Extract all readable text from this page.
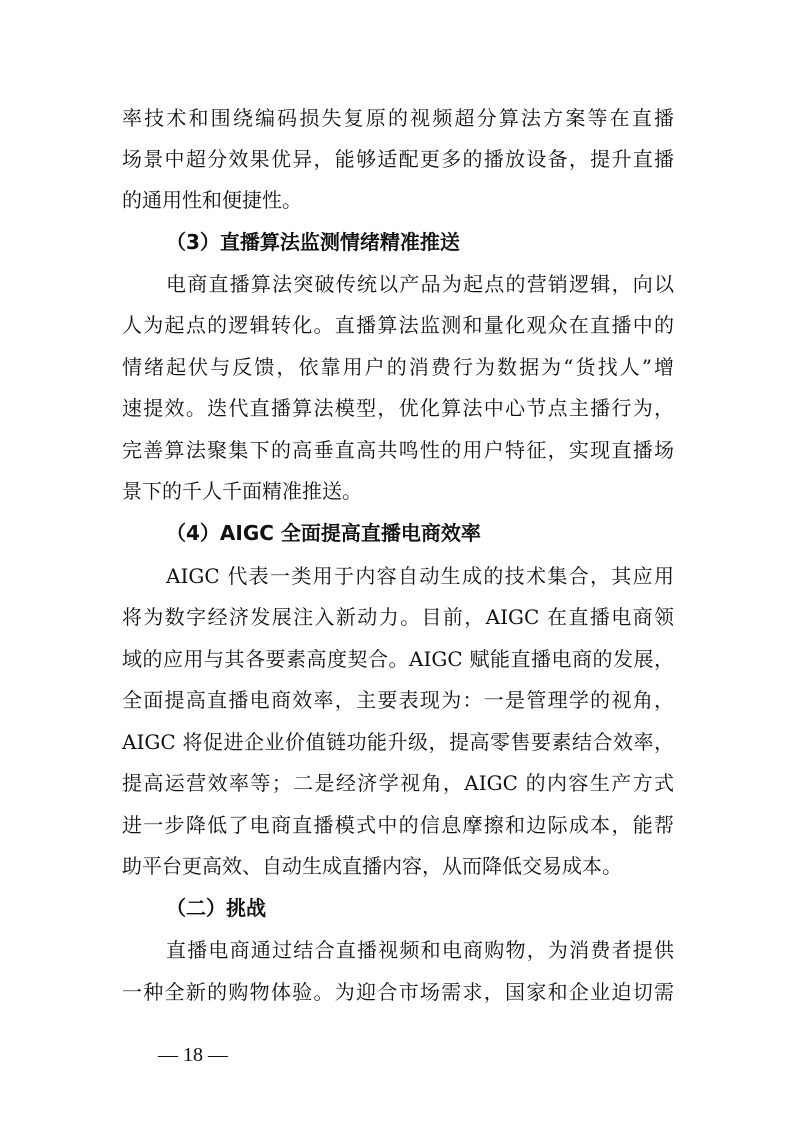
率技术和围绕编码损失复原的视频超分算法方案等在直播
场景中超分效果优异，能够适配更多的播放设备，提升直播
的通用性和便捷性。
（3）直播算法监测情绪精准推送
电商直播算法突破传统以产品为起点的营销逻辑，向以
人为起点的逻辑转化。直播算法监测和量化观众在直播中的
情绪起伏与反馈，依靠用户的消费行为数据为“货找人”增
速提效。迭代直播算法模型，优化算法中心节点主播行为，
完善算法聚集下的高垂直高共鸣性的用户特征，实现直播场
景下的千人千面精准推送。
（4）AIGC 全面提高直播电商效率
AIGC 代表一类用于内容自动生成的技术集合，其应用
将为数字经济发展注入新动力。目前，AIGC 在直播电商领
域的应用与其各要素高度契合。AIGC 赋能直播电商的发展，
全面提高直播电商效率，主要表现为：一是管理学的视角，
AIGC 将促进企业价值链功能升级，提高零售要素结合效率，
提高运营效率等；二是经济学视角，AIGC 的内容生产方式
进一步降低了电商直播模式中的信息摩擦和边际成本，能帮
助平台更高效、自动生成直播内容，从而降低交易成本。
（二）挑战
直播电商通过结合直播视频和电商购物，为消费者提供
一种全新的购物体验。为迎合市场需求，国家和企业迫切需
— 18 —
